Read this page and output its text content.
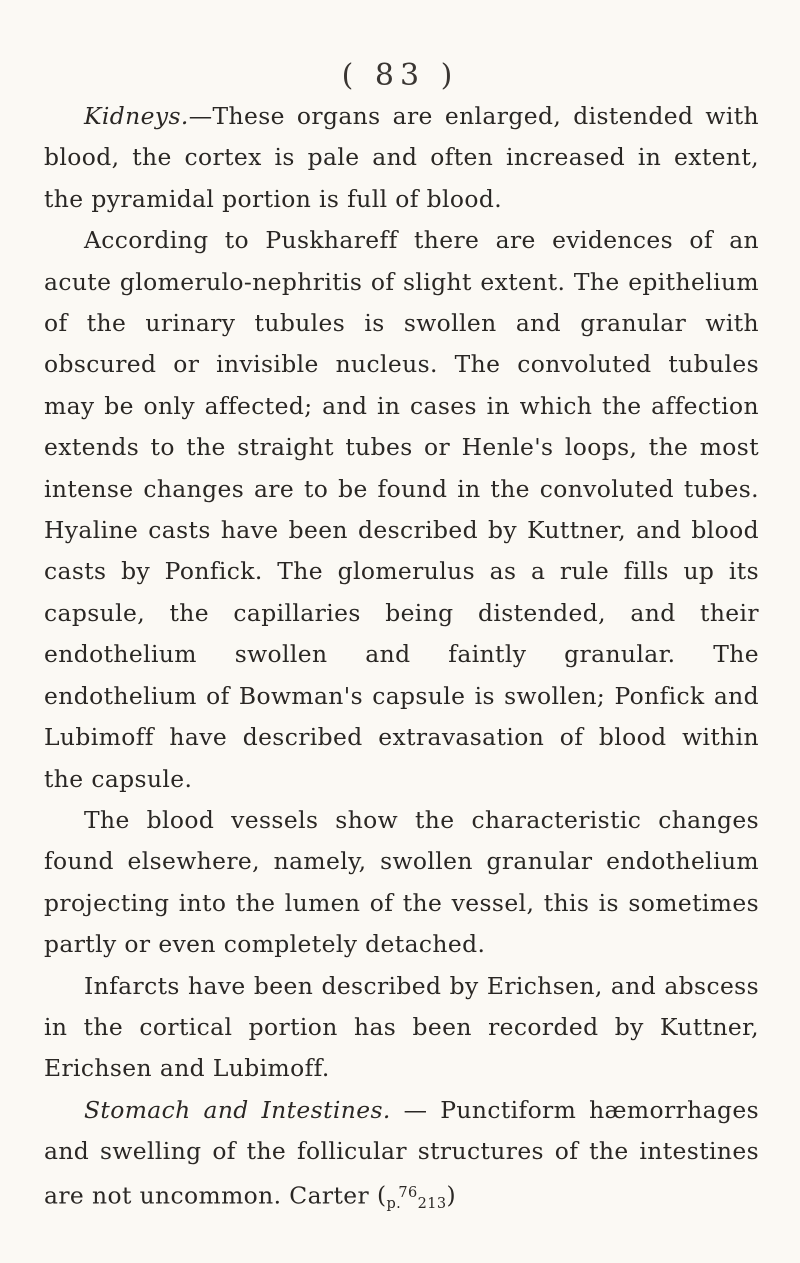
( 83 )

Kidneys.—These organs are enlarged, distended with blood, the cortex is pale and often increased in extent, the pyramidal portion is full of blood.

According to Puskhareff there are evidences of an acute glomerulo-nephritis of slight extent. The epithelium of the urinary tubules is swollen and granular with obscured or invisible nucleus. The convoluted tubules may be only affected; and in cases in which the affection extends to the straight tubes or Henle's loops, the most intense changes are to be found in the convoluted tubes. Hyaline casts have been described by Kuttner, and blood casts by Ponfick. The glomerulus as a rule fills up its capsule, the capillaries being distended, and their endothelium swollen and faintly granular. The endothelium of Bowman's capsule is swollen; Ponfick and Lubimoff have described extravasation of blood within the capsule.

The blood vessels show the characteristic changes found elsewhere, namely, swollen granular endothelium projecting into the lumen of the vessel, this is sometimes partly or even completely detached.

Infarcts have been described by Erichsen, and abscess in the cortical portion has been recorded by Kuttner, Erichsen and Lubimoff.

Stomach and Intestines. — Punctiform hæmorrhages and swelling of the follicular structures of the intestines are not uncommon. Carter $(_{p.}^{76}_{213})$
